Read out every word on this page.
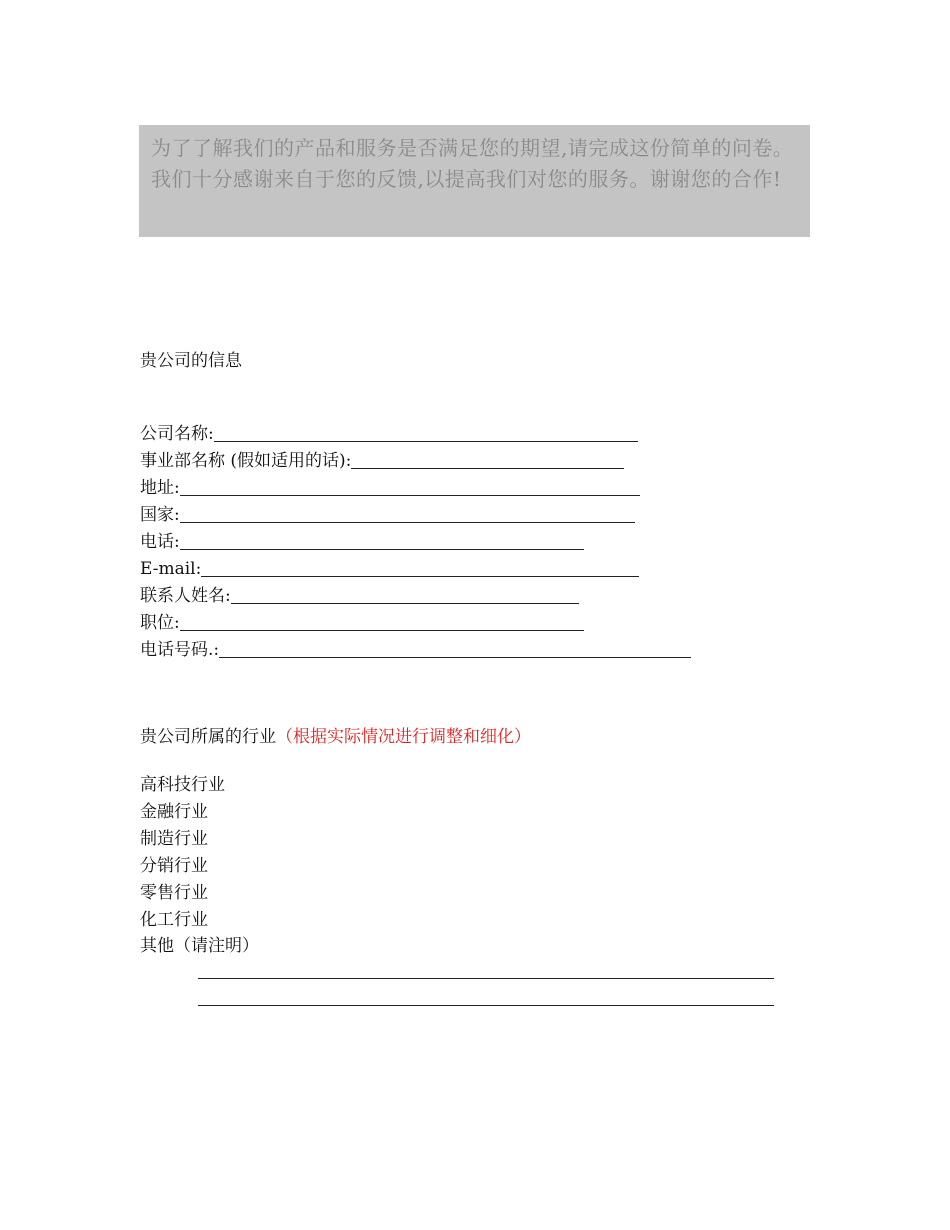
为了了解我们的产品和服务是否满足您的期望,请完成这份简单的问卷。我们十分感谢来自于您的反馈,以提高我们对您的服务。谢谢您的合作!
贵公司的信息
公司名称:
事业部名称 (假如适用的话):
地址:
国家:
电话:
E-mail:
联系人姓名:
职位:
电话号码.:
贵公司所属的行业（根据实际情况进行调整和细化）
高科技行业
金融行业
制造行业
分销行业
零售行业
化工行业
其他（请注明）
